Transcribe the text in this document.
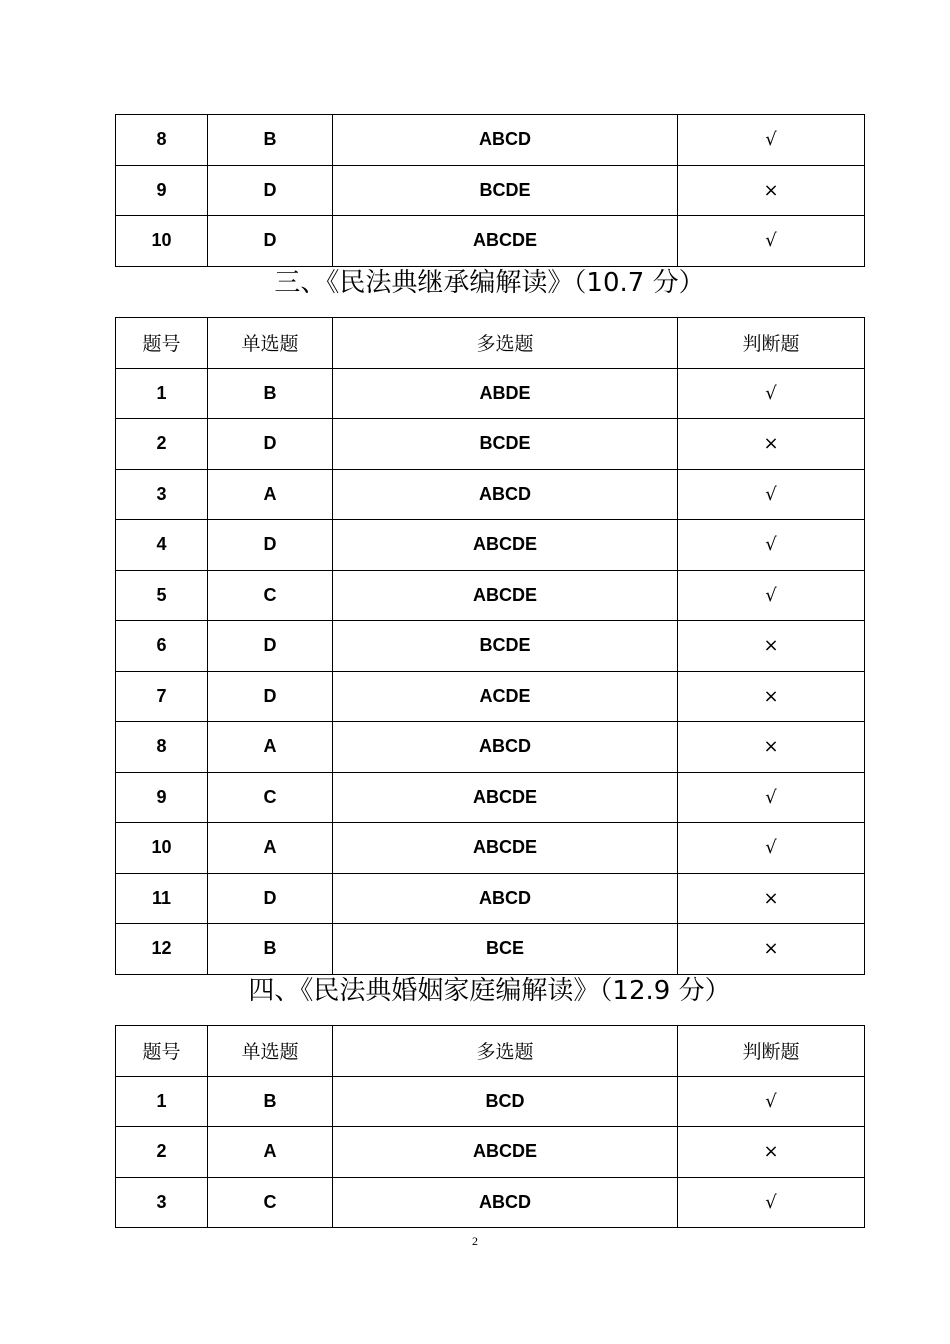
8	B	ABCD	√
9	D	BCDE	×
10	D	ABCDE	√
三、《民法典继承编解读》（10.7 分）
题号	单选题	多选题	判断题
1	B	ABDE	√
2	D	BCDE	×
3	A	ABCD	√
4	D	ABCDE	√
5	C	ABCDE	√
6	D	BCDE	×
7	D	ACDE	×
8	A	ABCD	×
9	C	ABCDE	√
10	A	ABCDE	√
11	D	ABCD	×
12	B	BCE	×
四、《民法典婚姻家庭编解读》（12.9 分）
题号	单选题	多选题	判断题
1	B	BCD	√
2	A	ABCDE	×
3	C	ABCD	√
2
